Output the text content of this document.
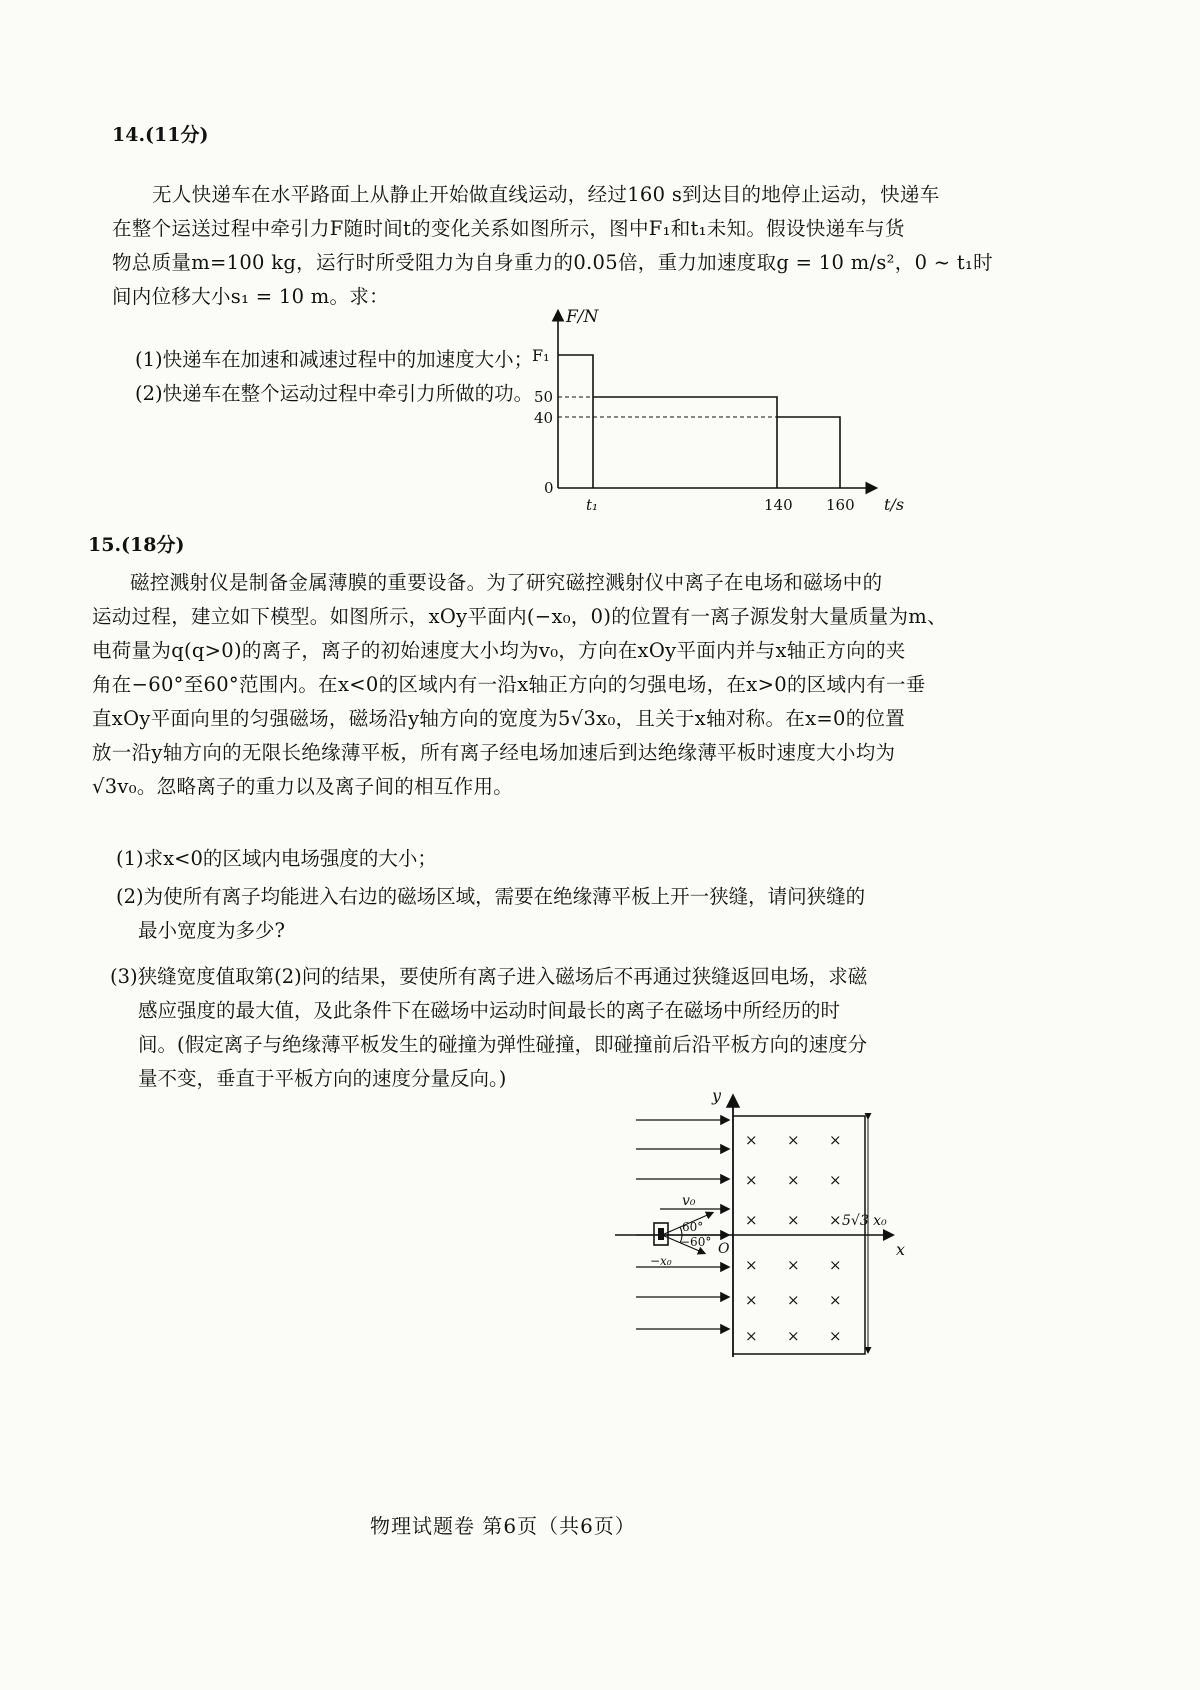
14.(11分)
无人快递车在水平路面上从静止开始做直线运动，经过160 s到达目的地停止运动，快递车
在整个运送过程中牵引力F随时间t的变化关系如图所示，图中F₁和t₁未知。假设快递车与货
物总质量m=100 kg，运行时所受阻力为自身重力的0.05倍，重力加速度取g = 10 m/s²，0 ~ t₁时
间内位移大小s₁ = 10 m。求：
(1)快递车在加速和减速过程中的加速度大小；
(2)快递车在整个运动过程中牵引力所做的功。
F/N
F₁
50
40
0
t₁	140 160 t/s
15.(18分)
磁控溅射仪是制备金属薄膜的重要设备。为了研究磁控溅射仪中离子在电场和磁场中的
运动过程，建立如下模型。如图所示，xOy平面内(−x₀，0)的位置有一离子源发射大量质量为m、
电荷量为q(q>0)的离子，离子的初始速度大小均为v₀，方向在xOy平面内并与x轴正方向的夹
角在−60°至60°范围内。在x<0的区域内有一沿x轴正方向的匀强电场，在x>0的区域内有一垂
直xOy平面向里的匀强磁场，磁场沿y轴方向的宽度为5√3x₀，且关于x轴对称。在x=0的位置
放一沿y轴方向的无限长绝缘薄平板，所有离子经电场加速后到达绝缘薄平板时速度大小均为
√3v₀。忽略离子的重力以及离子间的相互作用。
(1)求x<0的区域内电场强度的大小；
(2)为使所有离子均能进入右边的磁场区域，需要在绝缘薄平板上开一狭缝，请问狭缝的
最小宽度为多少?
(3)狭缝宽度值取第(2)问的结果，要使所有离子进入磁场后不再通过狭缝返回电场，求磁
感应强度的最大值，及此条件下在磁场中运动时间最长的离子在磁场中所经历的时
间。(假定离子与绝缘薄平板发生的碰撞为弹性碰撞，即碰撞前后沿平板方向的速度分
量不变，垂直于平板方向的速度分量反向。)
× × ×
× × ×
× × ×
× × ×
× × ×
× × ×
y
x
O
v₀
60°
−60°
−x₀
5√3 x₀
物理试题卷 第6页（共6页）
